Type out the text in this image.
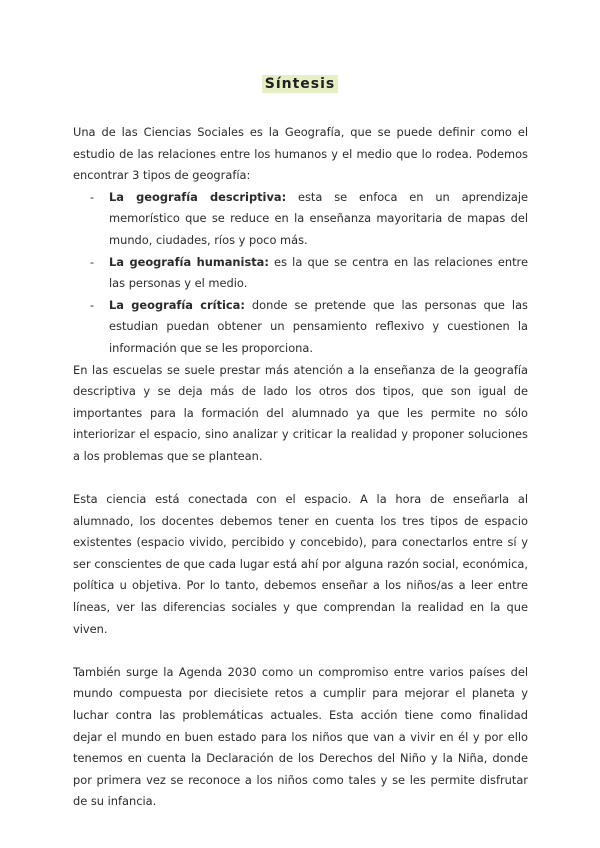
Síntesis

Una de las Ciencias Sociales es la Geografía, que se puede definir como el estudio de las relaciones entre los humanos y el medio que lo rodea. Podemos encontrar 3 tipos de geografía:

- La geografía descriptiva: esta se enfoca en un aprendizaje memorístico que se reduce en la enseñanza mayoritaria de mapas del mundo, ciudades, ríos y poco más.
- La geografía humanista: es la que se centra en las relaciones entre las personas y el medio.
- La geografía crítica: donde se pretende que las personas que las estudian puedan obtener un pensamiento reflexivo y cuestionen la información que se les proporciona.

En las escuelas se suele prestar más atención a la enseñanza de la geografía descriptiva y se deja más de lado los otros dos tipos, que son igual de importantes para la formación del alumnado ya que les permite no sólo interiorizar el espacio, sino analizar y criticar la realidad y proponer soluciones a los problemas que se plantean.

Esta ciencia está conectada con el espacio. A la hora de enseñarla al alumnado, los docentes debemos tener en cuenta los tres tipos de espacio existentes (espacio vivido, percibido y concebido), para conectarlos entre sí y ser conscientes de que cada lugar está ahí por alguna razón social, económica, política u objetiva. Por lo tanto, debemos enseñar a los niños/as a leer entre líneas, ver las diferencias sociales y que comprendan la realidad en la que viven.

También surge la Agenda 2030 como un compromiso entre varios países del mundo compuesta por diecisiete retos a cumplir para mejorar el planeta y luchar contra las problemáticas actuales. Esta acción tiene como finalidad dejar el mundo en buen estado para los niños que van a vivir en él y por ello tenemos en cuenta la Declaración de los Derechos del Niño y la Niña, donde por primera vez se reconoce a los niños como tales y se les permite disfrutar de su infancia.
